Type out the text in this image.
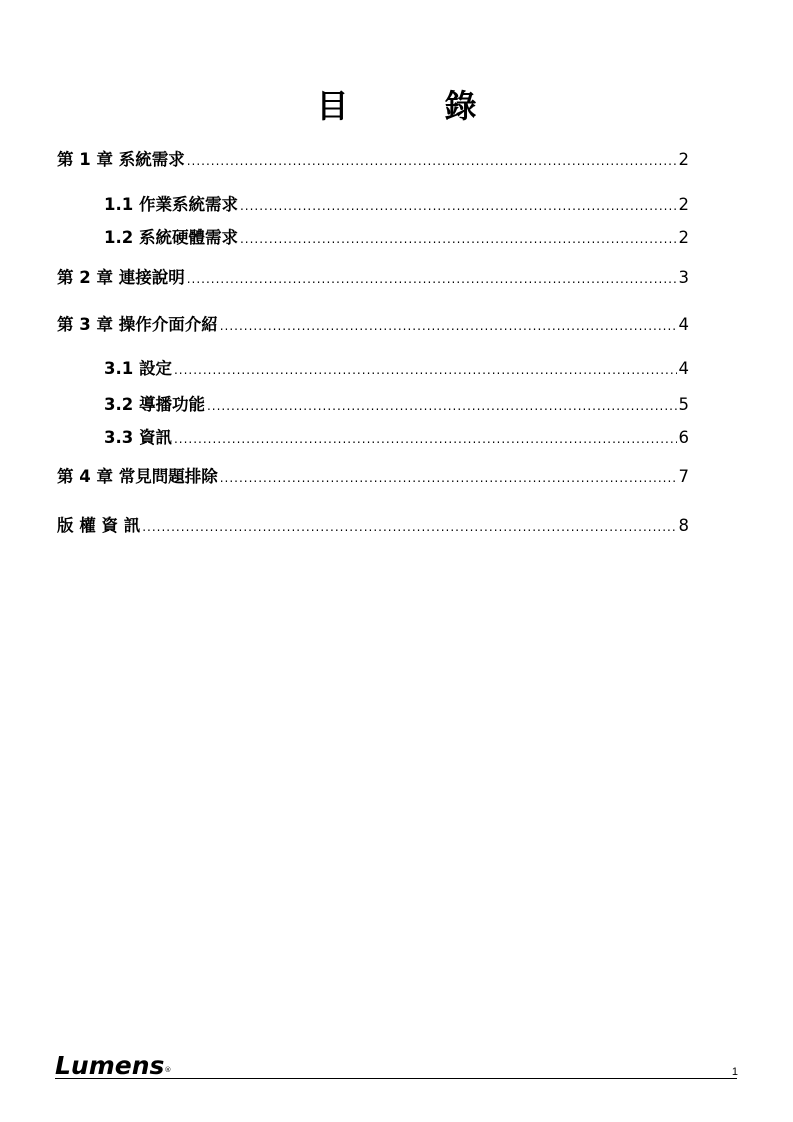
目　錄
第 1 章 系統需求 .....	2
1.1 作業系統需求 .....	2
1.2 系統硬體需求 .....	2
第 2 章 連接說明 .....	3
第 3 章 操作介面介紹 .....	4
3.1 設定 .....	4
3.2 導播功能 .....	5
3.3 資訊 .....	6
第 4 章 常見問題排除 .....	7
版 權 資 訊 .....	8
Lumens®	1
